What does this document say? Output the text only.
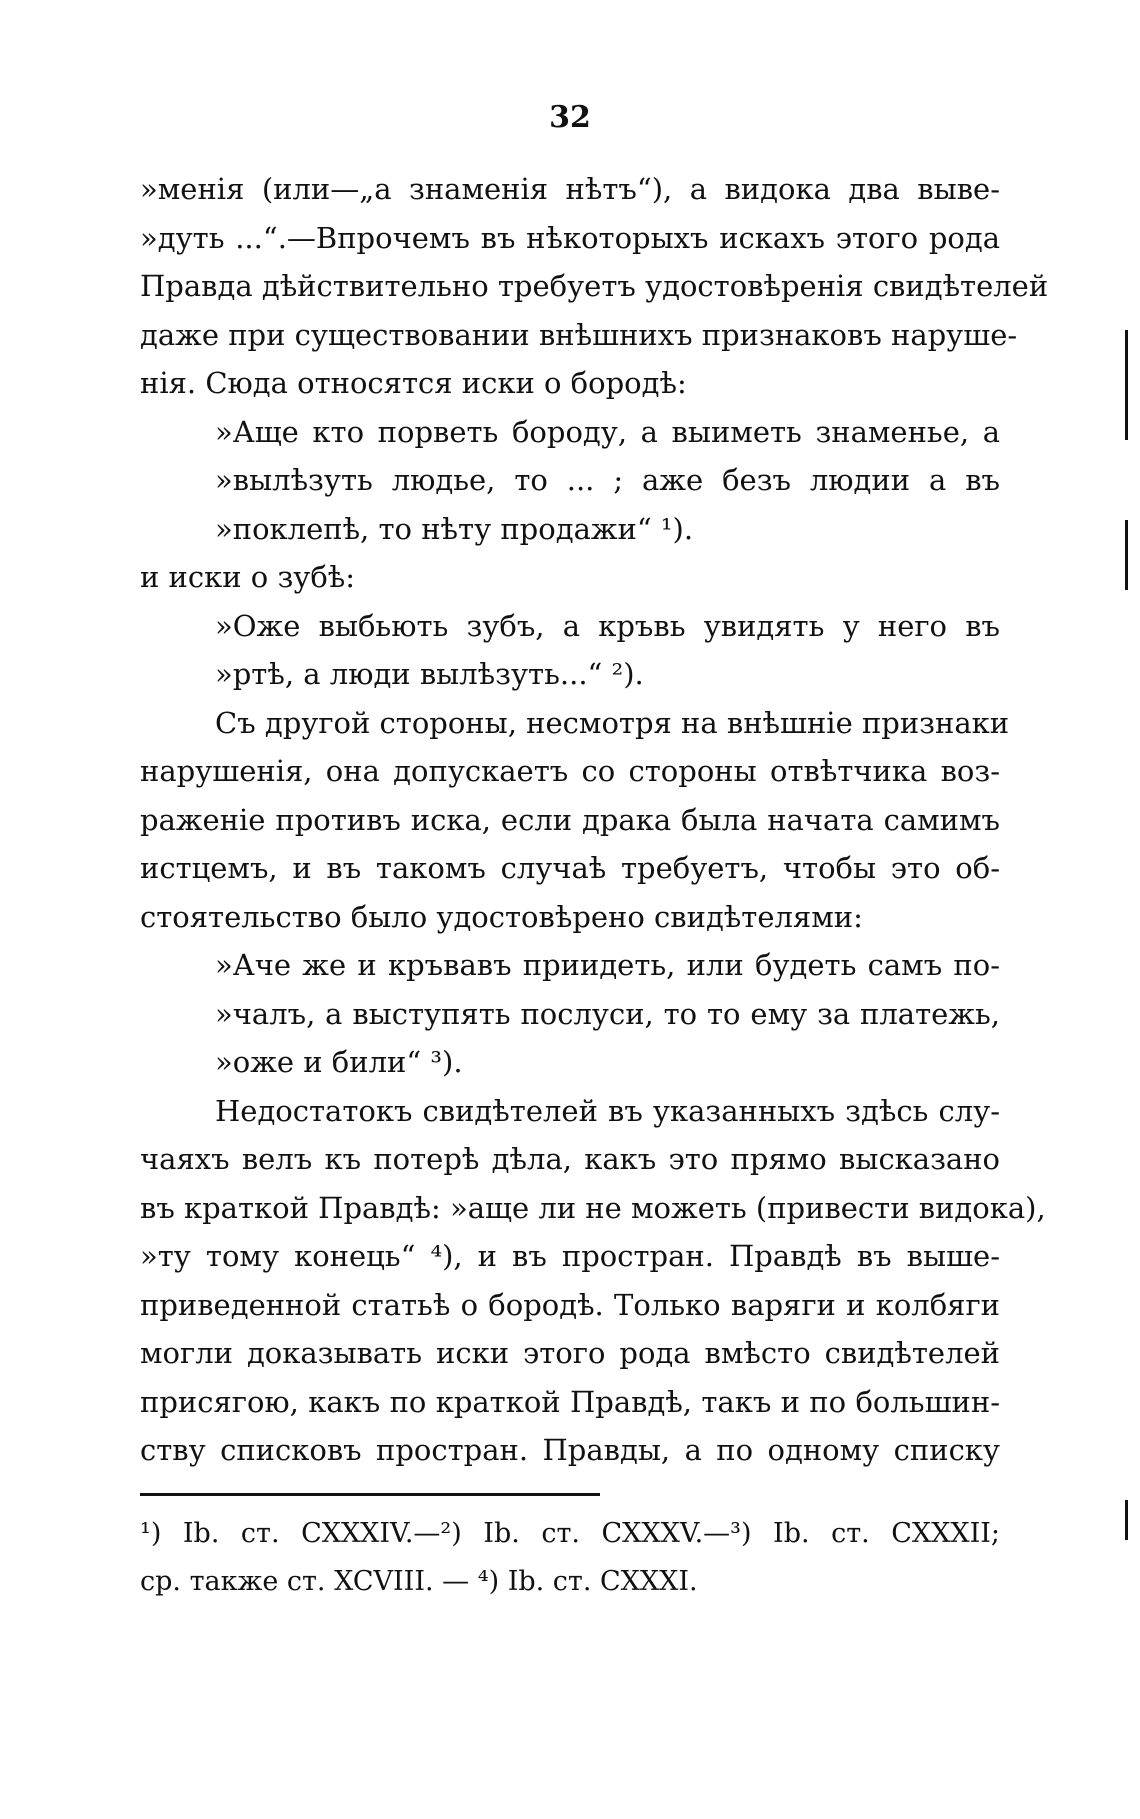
32
»менія (или—„а знаменія нѣтъ“), а видока два выве-
»дуть ...“.—Впрочемъ въ нѣкоторыхъ искахъ этого рода
Правда дѣйствительно требуетъ удостовѣренія свидѣтелей
даже при существовании внѣшнихъ признаковъ наруше-
нія. Сюда относятся иски о бородѣ:
»Аще кто порветь бороду, а выиметь знаменье, а
»вылѣзуть людье, то ... ; аже безъ людии а въ
»поклепѣ, то нѣту продажи“ ¹).
и иски о зубѣ:
»Оже выбьють зубъ, а кръвь увидять у него въ
»ртѣ, а люди вылѣзуть...“ ²).
Съ другой стороны, несмотря на внѣшніе признаки
нарушенія, она допускаетъ со стороны отвѣтчика воз-
раженіе противъ иска, если драка была начата самимъ
истцемъ, и въ такомъ случаѣ требуетъ, чтобы это об-
стоятельство было удостовѣрено свидѣтелями:
»Аче же и кръвавъ приидеть, или будеть самъ по-
»чалъ, а выступять послуси, то то ему за платежь,
»оже и били“ ³).
Недостатокъ свидѣтелей въ указанныхъ здѣсь слу-
чаяхъ велъ къ потерѣ дѣла, какъ это прямо высказано
въ краткой Правдѣ: »аще ли не можеть (привести видока),
»ту тому конець“ ⁴), и въ простран. Правдѣ въ выше-
приведенной статьѣ о бородѣ. Только варяги и колбяги
могли доказывать иски этого рода вмѣсто свидѣтелей
присягою, какъ по краткой Правдѣ, такъ и по большин-
ству списковъ простран. Правды, а по одному списку
¹) Ib. ст. CXXXIV.—²) Ib. ст. CXXXV.—³) Ib. ст. CXXXII;
ср. также ст. XCVIII. — ⁴) Ib. ст. CXXXI.
